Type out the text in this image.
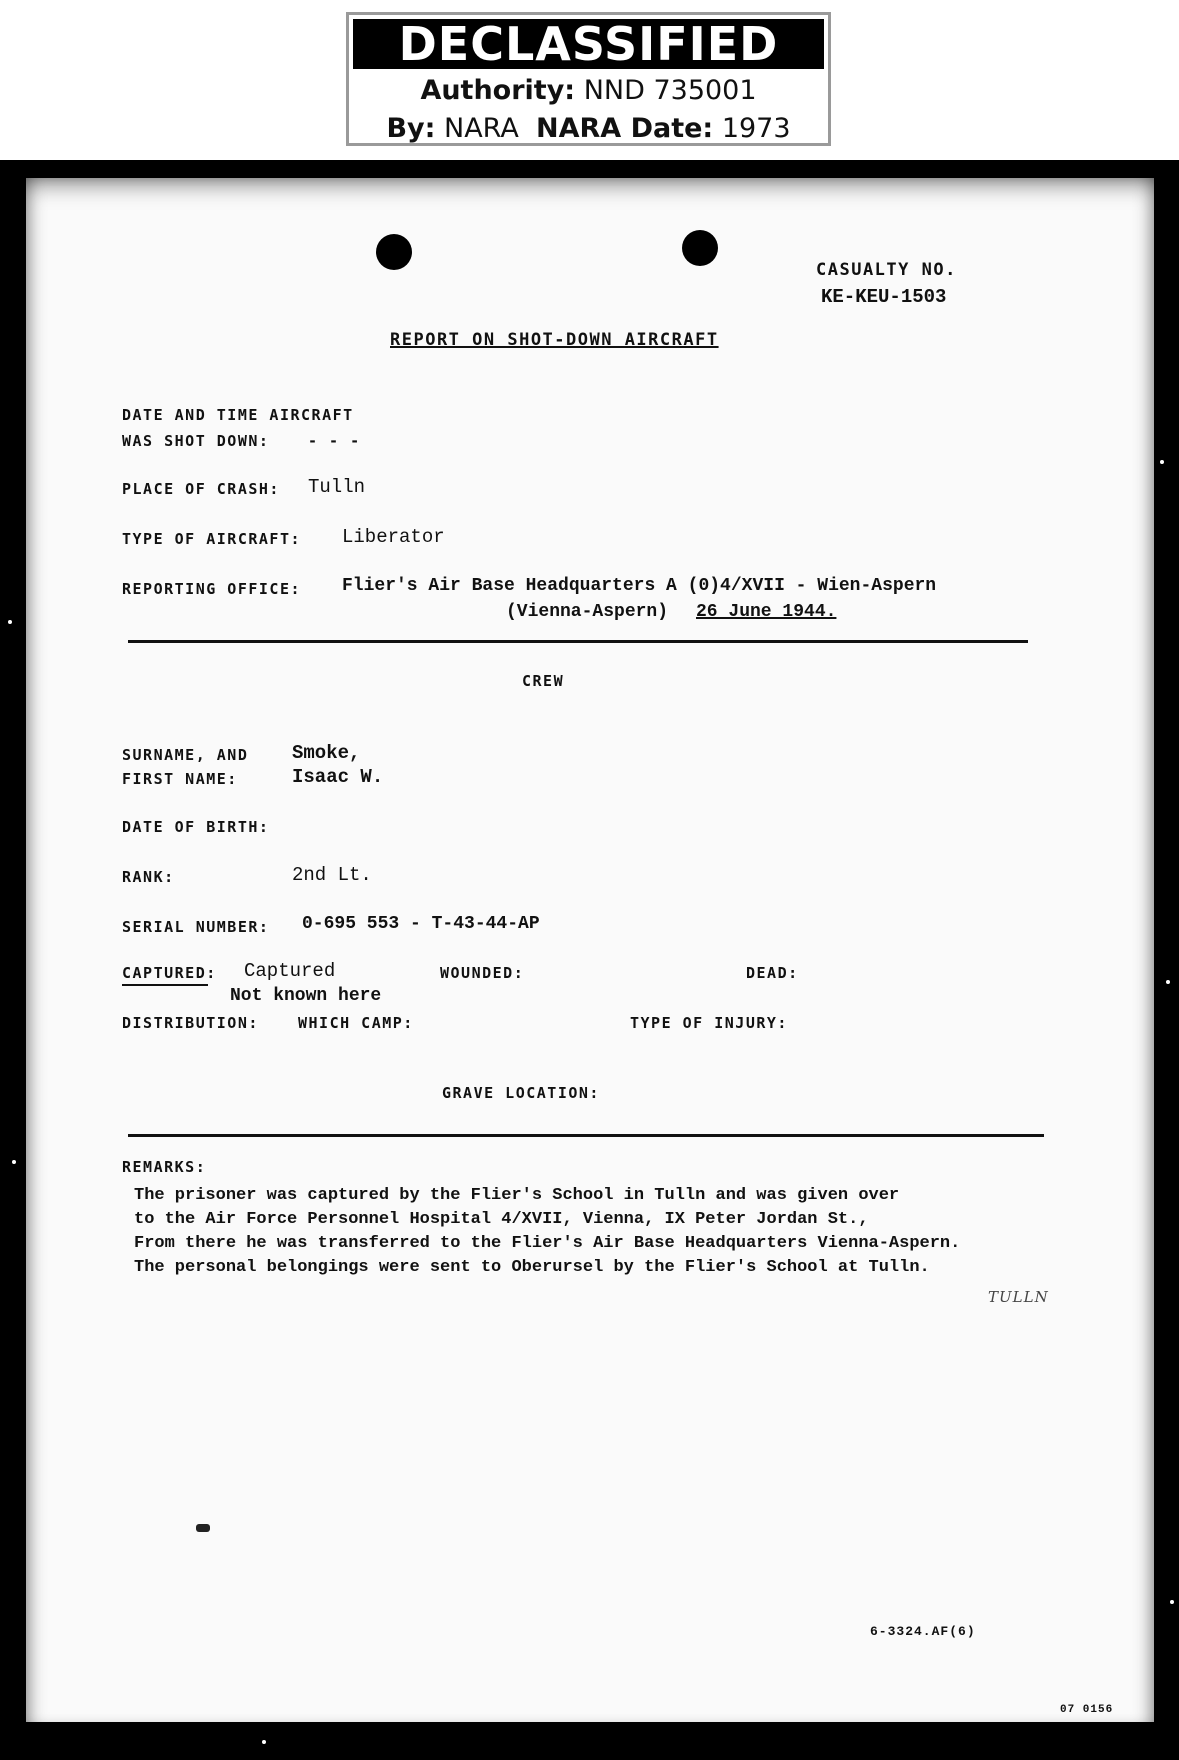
DECLASSIFIED
Authority: NND 735001
By: NARA NARA Date: 1973
CASUALTY NO.
KE-KEU-1503
REPORT ON SHOT-DOWN AIRCRAFT
DATE AND TIME AIRCRAFT
WAS SHOT DOWN:	- - -
PLACE OF CRASH: Tulln
TYPE OF AIRCRAFT: Liberator
REPORTING OFFICE: Flier's Air Base Headquarters A (0)4/XVII - Wien-Aspern
(Vienna-Aspern) 26 June 1944.
CREW
SURNAME, AND
FIRST NAME:
Smoke,
Isaac W.
DATE OF BIRTH:
RANK:	2nd Lt.
SERIAL NUMBER: 0-695 553 - T-43-44-AP
CAPTURED: Captured	WOUNDED:	DEAD:
Not known here
DISTRIBUTION:	WHICH CAMP:	TYPE OF INJURY:
GRAVE LOCATION:
REMARKS:
The prisoner was captured by the Flier's School in Tulln and was given over
to the Air Force Personnel Hospital 4/XVII, Vienna, IX Peter Jordan St.,
From there he was transferred to the Flier's Air Base Headquarters Vienna-Aspern.
The personal belongings were sent to Oberursel by the Flier's School at Tulln.
TULLN
6-3324.AF(6)
07 0156
